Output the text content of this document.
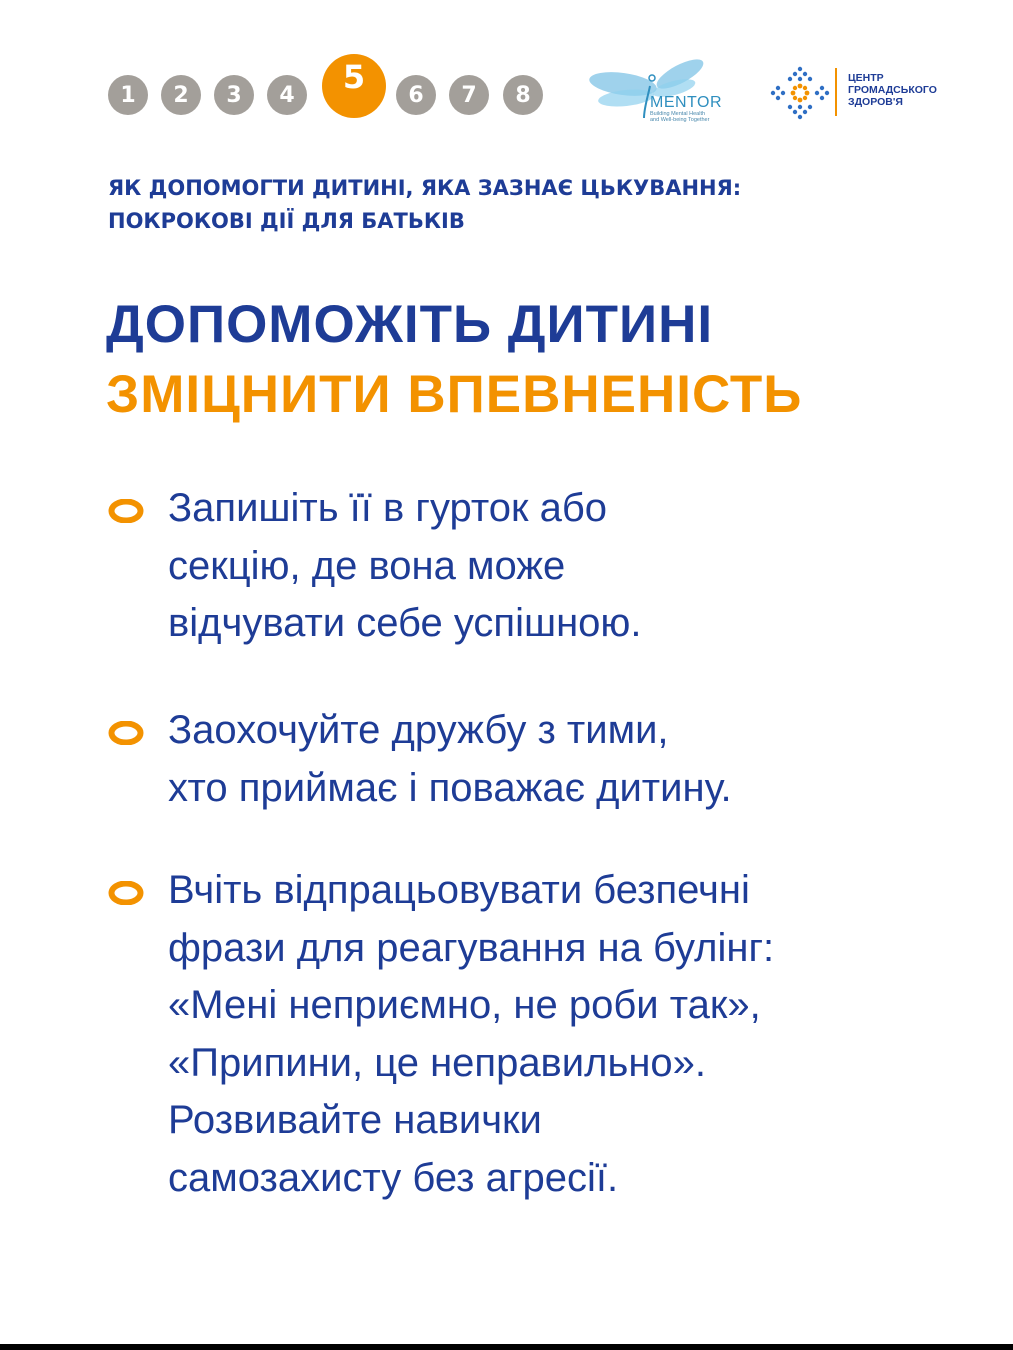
1	2	3	4	5	6	7	8	MENTOR
Building Mental Health
and Well-being Together
ЦЕНТР
ГРОМАДСЬКОГО
ЗДОРОВ'Я
ЯК ДОПОМОГТИ ДИТИНІ, ЯКА ЗАЗНАЄ ЦЬКУВАННЯ:
ПОКРОКОВІ ДІЇ ДЛЯ БАТЬКІВ
ДОПОМОЖІТЬ ДИТИНІ
ЗМІЦНИТИ ВПЕВНЕНІСТЬ
Запишіть її в гурток або
секцію, де вона може
відчувати себе успішною.
Заохочуйте дружбу з тими,
хто приймає і поважає дитину.
Вчіть відпрацьовувати безпечні
фрази для реагування на булінг:
«Мені неприємно, не роби так»,
«Припини, це неправильно».
Розвивайте навички
самозахисту без агресії.
